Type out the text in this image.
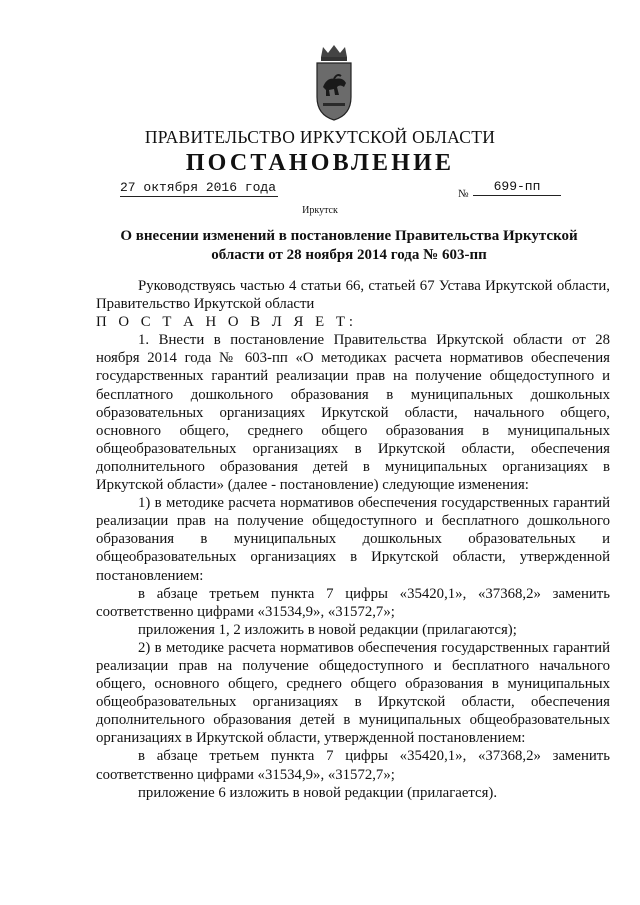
ПРАВИТЕЛЬСТВО ИРКУТСКОЙ ОБЛАСТИ
ПОСТАНОВЛЕНИЕ
27 октября 2016 года	№	699-пп
Иркутск
О внесении изменений в постановление Правительства Иркутской области от 28 ноября 2014 года № 603-пп

Руководствуясь частью 4 статьи 66, статьей 67 Устава Иркутской области, Правительство Иркутской области

П О С Т А Н О В Л Я Е Т:

1. Внести в постановление Правительства Иркутской области от 28 ноября 2014 года № 603-пп «О методиках расчета нормативов обеспечения государственных гарантий реализации прав на получение общедоступного и бесплатного дошкольного образования в муниципальных дошкольных образовательных организациях Иркутской области, начального общего, основного общего, среднего общего образования в муниципальных общеобразовательных организациях в Иркутской области, обеспечения дополнительного образования детей в муниципальных организациях в Иркутской области» (далее - постановление) следующие изменения:

1) в методике расчета нормативов обеспечения государственных гарантий реализации прав на получение общедоступного и бесплатного дошкольного образования в муниципальных дошкольных образовательных и общеобразовательных организациях в Иркутской области, утвержденной постановлением:

в абзаце третьем пункта 7 цифры «35420,1», «37368,2» заменить соответственно цифрами «31534,9», «31572,7»;

приложения 1, 2 изложить в новой редакции (прилагаются);

2) в методике расчета нормативов обеспечения государственных гарантий реализации прав на получение общедоступного и бесплатного начального общего, основного общего, среднего общего образования в муниципальных общеобразовательных организациях в Иркутской области, обеспечения дополнительного образования детей в муниципальных общеобразовательных организациях в Иркутской области, утвержденной постановлением:

в абзаце третьем пункта 7 цифры «35420,1», «37368,2» заменить соответственно цифрами «31534,9», «31572,7»;

приложение 6 изложить в новой редакции (прилагается).
